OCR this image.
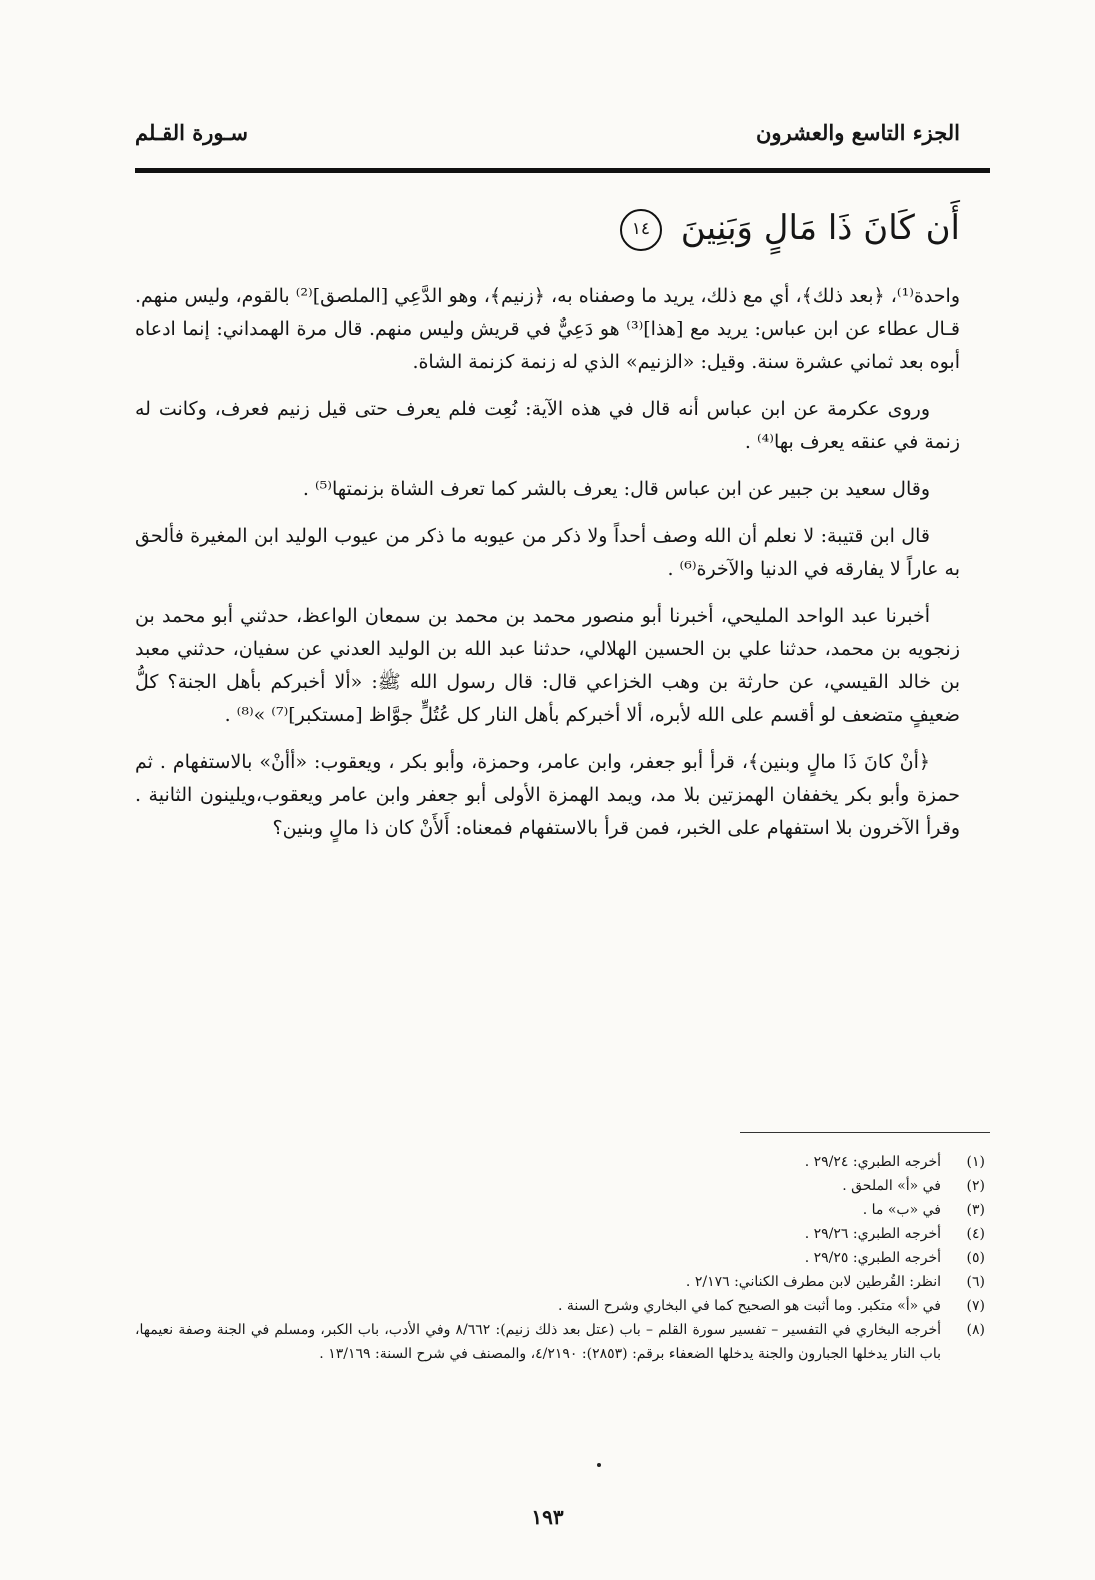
الجزء التاسع والعشرون
سـورة القـلم
أَن كَانَ ذَا مَالٍ وَبَنِينَ ١٤

واحدة⁽¹⁾، ﴿بعد ذلك﴾، أي مع ذلك، يريد ما وصفناه به، ﴿زنيم﴾، وهو الدَّعِي [الملصق]⁽²⁾ بالقوم، وليس منهم. قـال عطاء عن ابن عباس: يريد مع [هذا]⁽³⁾ هو دَعِيٌّ في قريش وليس منهم. قال مرة الهمداني: إنما ادعاه أبوه بعد ثماني عشرة سنة. وقيل: «الزنيم» الذي له زنمة كزنمة الشاة.

وروى عكرمة عن ابن عباس أنه قال في هذه الآية: نُعِت فلم يعرف حتى قيل زنيم فعرف، وكانت له زنمة في عنقه يعرف بها⁽⁴⁾ .

وقال سعيد بن جبير عن ابن عباس قال: يعرف بالشر كما تعرف الشاة بزنمتها⁽⁵⁾ .

قال ابن قتيبة: لا نعلم أن الله وصف أحداً ولا ذكر من عيوبه ما ذكر من عيوب الوليد ابن المغيرة فألحق به عاراً لا يفارقه في الدنيا والآخرة⁽⁶⁾ .

أخبرنا عبد الواحد المليحي، أخبرنا أبو منصور محمد بن محمد بن سمعان الواعظ، حدثني أبو محمد بن زنجويه بن محمد، حدثنا علي بن الحسين الهلالي، حدثنا عبد الله بن الوليد العدني عن سفيان، حدثني معبد بن خالد القيسي، عن حارثة بن وهب الخزاعي قال: قال رسول الله ﷺ: «ألا أخبركم بأهل الجنة؟ كلُّ ضعيفٍ متضعف لو أقسم على الله لأبره، ألا أخبركم بأهل النار كل عُتُلٍّ جوَّاظ [مستكبر]⁽⁷⁾ »⁽⁸⁾ .

﴿أنْ كانَ ذَا مالٍ وبنين﴾، قرأ أبو جعفر، وابن عامر، وحمزة، وأبو بكر ، ويعقوب: «أأنْ» بالاستفهام . ثم حمزة وأبو بكر يخففان الهمزتين بلا مد، ويمد الهمزة الأولى أبو جعفر وابن عامر ويعقوب،ويلينون الثانية . وقرأ الآخرون بلا استفهام على الخبر، فمن قرأ بالاستفهام فمعناه: أَلأَنْ كان ذا مالٍ وبنين؟

(١)
أخرجه الطبري: ٢٩/٢٤ .
(٢)
في «أ» الملحق .
(٣)
في «ب» ما .
(٤)
أخرجه الطبري: ٢٩/٢٦ .
(٥)
أخرجه الطبري: ٢٩/٢٥ .
(٦)
انظر: القُرطين لابن مطرف الكناني: ٢/١٧٦ .
(٧)
في «أ» متكبر. وما أثبت هو الصحيح كما في البخاري وشرح السنة .
(٨)
أخرجه البخاري في التفسير – تفسير سورة القلم – باب (عتل بعد ذلك زنيم): ٨/٦٦٢ وفي الأدب، باب الكبر، ومسلم في الجنة وصفة نعيمها، باب النار يدخلها الجبارون والجنة يدخلها الضعفاء برقم: (٢٨٥٣): ٤/٢١٩٠، والمصنف في شرح السنة: ١٣/١٦٩ .
١٩٣
